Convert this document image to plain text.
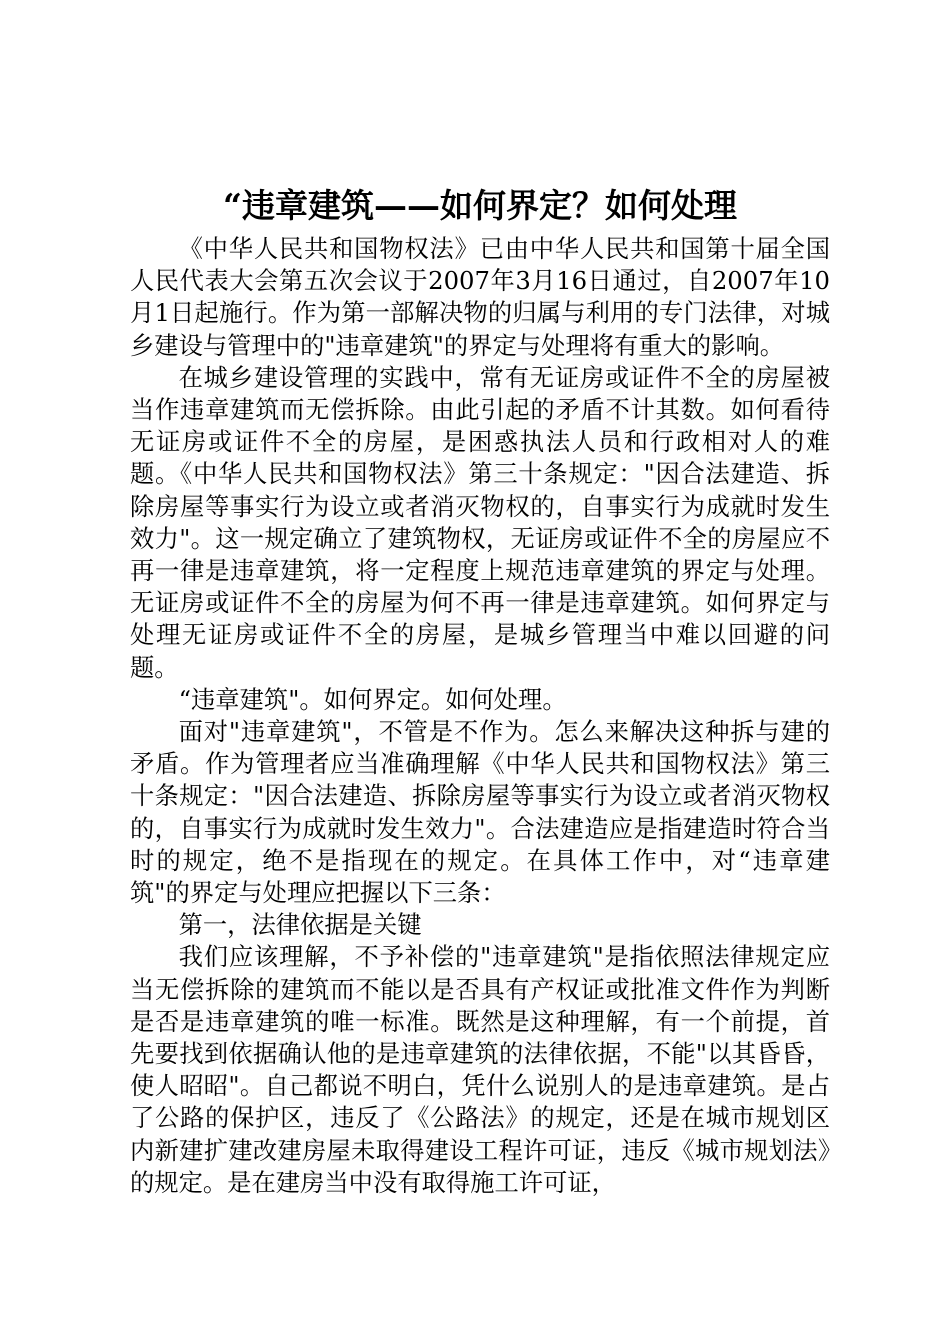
“违章建筑——如何界定？如何处理

《中华人民共和国物权法》已由中华人民共和国第十届全国人民代表大会第五次会议于2007年3月16日通过，自2007年10月1日起施行。作为第一部解决物的归属与利用的专门法律，对城乡建设与管理中的"违章建筑"的界定与处理将有重大的影响。

在城乡建设管理的实践中，常有无证房或证件不全的房屋被当作违章建筑而无偿拆除。由此引起的矛盾不计其数。如何看待无证房或证件不全的房屋，是困惑执法人员和行政相对人的难题。《中华人民共和国物权法》第三十条规定："因合法建造、拆除房屋等事实行为设立或者消灭物权的，自事实行为成就时发生效力"。这一规定确立了建筑物权，无证房或证件不全的房屋应不再一律是违章建筑，将一定程度上规范违章建筑的界定与处理。无证房或证件不全的房屋为何不再一律是违章建筑。如何界定与处理无证房或证件不全的房屋，是城乡管理当中难以回避的问题。

“违章建筑"。如何界定。如何处理。

面对"违章建筑"，不管是不作为。怎么来解决这种拆与建的矛盾。作为管理者应当准确理解《中华人民共和国物权法》第三十条规定："因合法建造、拆除房屋等事实行为设立或者消灭物权的，自事实行为成就时发生效力"。合法建造应是指建造时符合当时的规定，绝不是指现在的规定。在具体工作中，对“违章建筑"的界定与处理应把握以下三条：

第一，法律依据是关键

我们应该理解，不予补偿的"违章建筑"是指依照法律规定应当无偿拆除的建筑而不能以是否具有产权证或批准文件作为判断是否是违章建筑的唯一标准。既然是这种理解，有一个前提，首先要找到依据确认他的是违章建筑的法律依据，不能"以其昏昏，使人昭昭"。自己都说不明白，凭什么说别人的是违章建筑。是占了公路的保护区，违反了《公路法》的规定，还是在城市规划区内新建扩建改建房屋未取得建设工程许可证，违反《城市规划法》的规定。是在建房当中没有取得施工许可证，
